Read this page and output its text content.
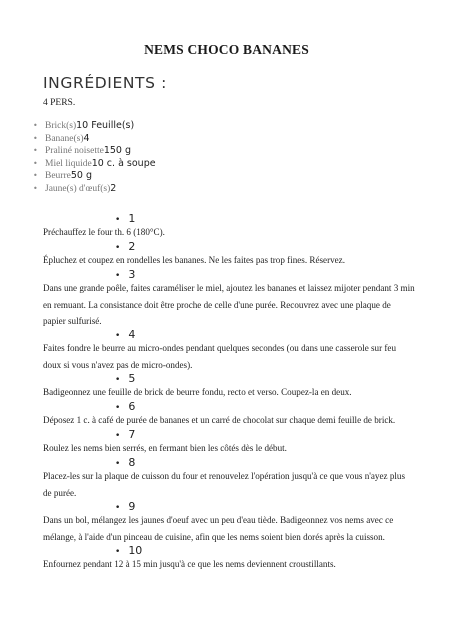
NEMS CHOCO BANANES
INGRÉDIENTS :
4 PERS.
• Brick(s)10 Feuille(s)
• Banane(s)4
• Praliné noisette150 g
• Miel liquide10 c. à soupe
• Beurre50 g
• Jaune(s) d'œuf(s)2
• 1
Préchauffez le four th. 6 (180°C).
• 2
Épluchez et coupez en rondelles les bananes. Ne les faites pas trop fines. Réservez.
• 3
Dans une grande poêle, faites caraméliser le miel, ajoutez les bananes et laissez mijoter pendant 3 min en remuant. La consistance doit être proche de celle d'une purée. Recouvrez avec une plaque de papier sulfurisé.
• 4
Faites fondre le beurre au micro-ondes pendant quelques secondes (ou dans une casserole sur feu doux si vous n'avez pas de micro-ondes).
• 5
Badigeonnez une feuille de brick de beurre fondu, recto et verso. Coupez-la en deux.
• 6
Déposez 1 c. à café de purée de bananes et un carré de chocolat sur chaque demi feuille de brick.
• 7
Roulez les nems bien serrés, en fermant bien les côtés dès le début.
• 8
Placez-les sur la plaque de cuisson du four et renouvelez l'opération jusqu'à ce que vous n'ayez plus de purée.
• 9
Dans un bol, mélangez les jaunes d'oeuf avec un peu d'eau tiède. Badigeonnez vos nems avec ce mélange, à l'aide d'un pinceau de cuisine, afin que les nems soient bien dorés après la cuisson.
• 10
Enfournez pendant 12 à 15 min jusqu'à ce que les nems deviennent croustillants.
